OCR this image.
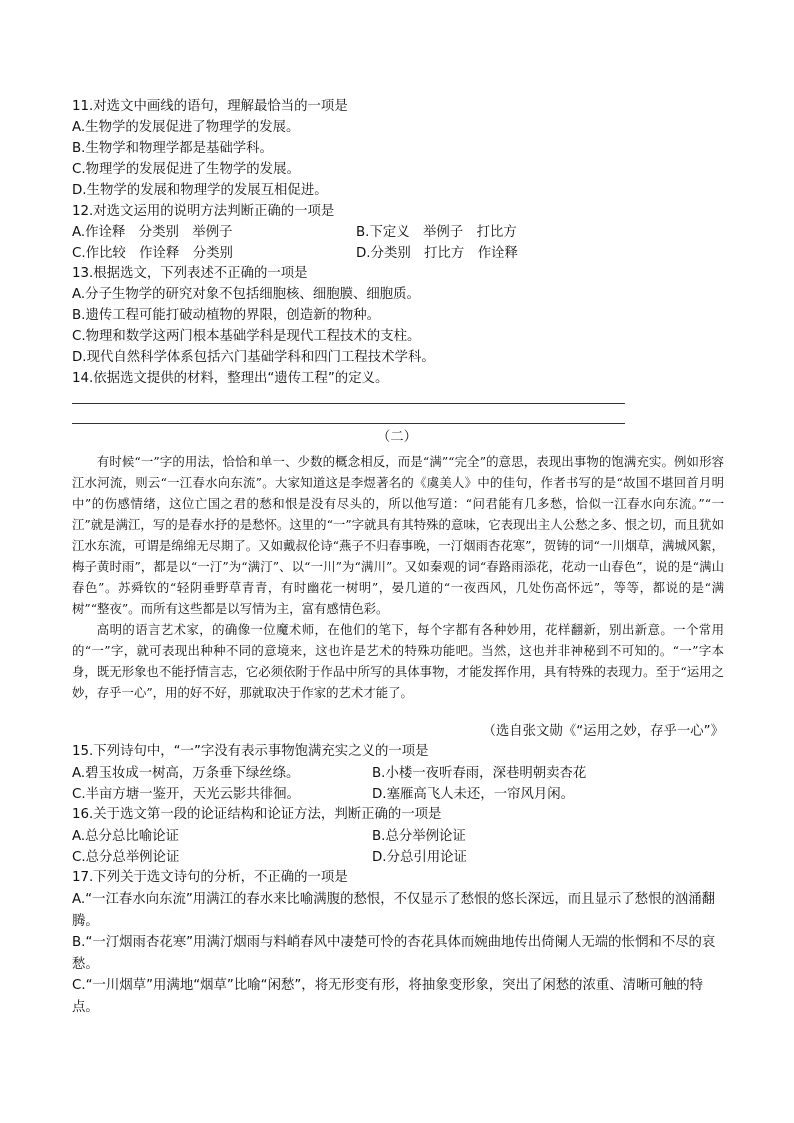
11.对选文中画线的语句，理解最恰当的一项是
A.生物学的发展促进了物理学的发展。
B.生物学和物理学都是基础学科。
C.物理学的发展促进了生物学的发展。
D.生物学的发展和物理学的发展互相促进。
12.对选文运用的说明方法判断正确的一项是
A.作诠释　分类别　举例子	B.下定义　举例子　打比方
C.作比较　作诠释　分类别	D.分类别　打比方　作诠释
13.根据选文，下列表述不正确的一项是
A.分子生物学的研究对象不包括细胞核、细胞膜、细胞质。
B.遗传工程可能打破动植物的界限，创造新的物种。
C.物理和数学这两门根本基础学科是现代工程技术的支柱。
D.现代自然科学体系包括六门基础学科和四门工程技术学科。
14.依据选文提供的材料，整理出“遗传工程”的定义。
（二）

有时候“一”字的用法，恰恰和单一、少数的概念相反，而是“满”“完全”的意思，表现出事物的饱满充实。例如形容江水河流，则云“一江春水向东流”。大家知道这是李煜著名的《虞美人》中的佳句，作者书写的是“故国不堪回首月明中”的伤感情绪，这位亡国之君的愁和恨是没有尽头的，所以他写道：“问君能有几多愁，恰似一江春水向东流。”“一江”就是满江，写的是春水抒的是愁怀。这里的“一”字就具有其特殊的意味，它表现出主人公愁之多、恨之切，而且犹如江水东流，可谓是绵绵无尽期了。又如戴叔伦诗“燕子不归春事晚，一汀烟雨杏花寒”，贺铸的词“一川烟草，满城风絮，梅子黄时雨”，都是以“一汀”为“满汀”、以“一川”为“满川”。又如秦观的词“春路雨添花，花动一山春色”，说的是“满山春色”。苏舜钦的“轻阴垂野草青青，有时幽花一树明”，晏几道的“一夜西风，几处伤高怀远”，等等，都说的是“满树”“整夜”。而所有这些都是以写情为主，富有感情色彩。

高明的语言艺术家，的确像一位魔术师，在他们的笔下，每个字都有各种妙用，花样翻新，别出新意。一个常用的“一”字，就可表现出种种不同的意境来，这也许是艺术的特殊功能吧。当然，这也并非神秘到不可知的。“一”字本身，既无形象也不能抒情言志，它必须依附于作品中所写的具体事物，才能发挥作用，具有特殊的表现力。至于“运用之妙，存乎一心”，用的好不好，那就取决于作家的艺术才能了。

（选自张文勋《“运用之妙，存乎一心”》
15.下列诗句中，“一”字没有表示事物饱满充实之义的一项是
A.碧玉妆成一树高，万条垂下绿丝绦。	B.小楼一夜听春雨，深巷明朝卖杏花
C.半亩方塘一鉴开，天光云影共徘徊。	D.塞雁高飞人未还，一帘风月闲。
16.关于选文第一段的论证结构和论证方法，判断正确的一项是
A.总分总比喻论证	B.总分举例论证
C.总分总举例论证	D.分总引用论证
17.下列关于选文诗句的分析，不正确的一项是

A.“一江春水向东流”用满江的春水来比喻满腹的愁恨，不仅显示了愁恨的悠长深远，而且显示了愁恨的汹涌翻腾。

B.“一汀烟雨杏花寒”用满汀烟雨与料峭春风中凄楚可怜的杏花具体而婉曲地传出倚阑人无端的怅惘和不尽的哀愁。

C.“一川烟草”用满地“烟草”比喻“闲愁”，将无形变有形，将抽象变形象，突出了闲愁的浓重、清晰可触的特点。
